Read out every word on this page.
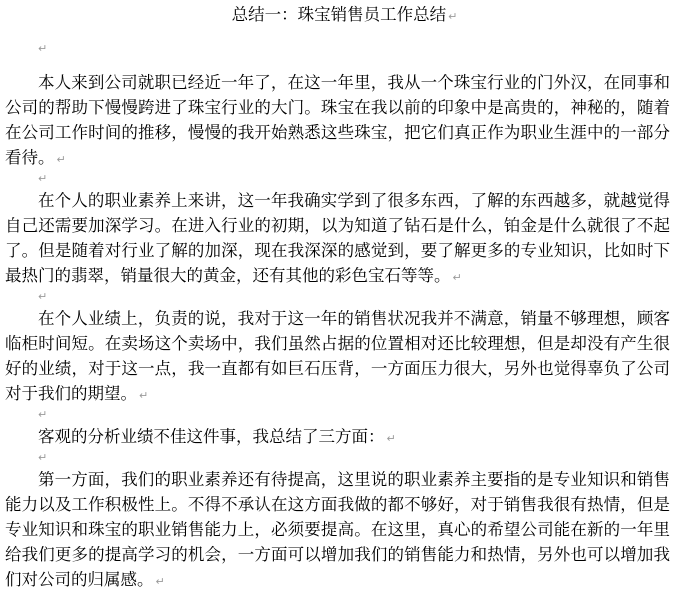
总结一：珠宝销售员工作总结 ↵
↵
本人来到公司就职已经近一年了，在这一年里，我从一个珠宝行业的门外汉，在同事和
公司的帮助下慢慢跨进了珠宝行业的大门。珠宝在我以前的印象中是高贵的，神秘的，随着
在公司工作时间的推移，慢慢的我开始熟悉这些珠宝，把它们真正作为职业生涯中的一部分
看待。 ↵
↵
在个人的职业素养上来讲，这一年我确实学到了很多东西，了解的东西越多，就越觉得
自己还需要加深学习。在进入行业的初期，以为知道了钻石是什么，铂金是什么就很了不起
了。但是随着对行业了解的加深，现在我深深的感觉到，要了解更多的专业知识，比如时下
最热门的翡翠，销量很大的黄金，还有其他的彩色宝石等等。 ↵
↵
在个人业绩上，负责的说，我对于这一年的销售状况我并不满意，销量不够理想，顾客
临柜时间短。在卖场这个卖场中，我们虽然占据的位置相对还比较理想，但是却没有产生很
好的业绩，对于这一点，我一直都有如巨石压背，一方面压力很大，另外也觉得辜负了公司
对于我们的期望。 ↵
↵
客观的分析业绩不佳这件事，我总结了三方面： ↵
↵
第一方面，我们的职业素养还有待提高，这里说的职业素养主要指的是专业知识和销售
能力以及工作积极性上。不得不承认在这方面我做的都不够好，对于销售我很有热情，但是
专业知识和珠宝的职业销售能力上，必须要提高。在这里，真心的希望公司能在新的一年里
给我们更多的提高学习的机会，一方面可以增加我们的销售能力和热情，另外也可以增加我
们对公司的归属感。 ↵
